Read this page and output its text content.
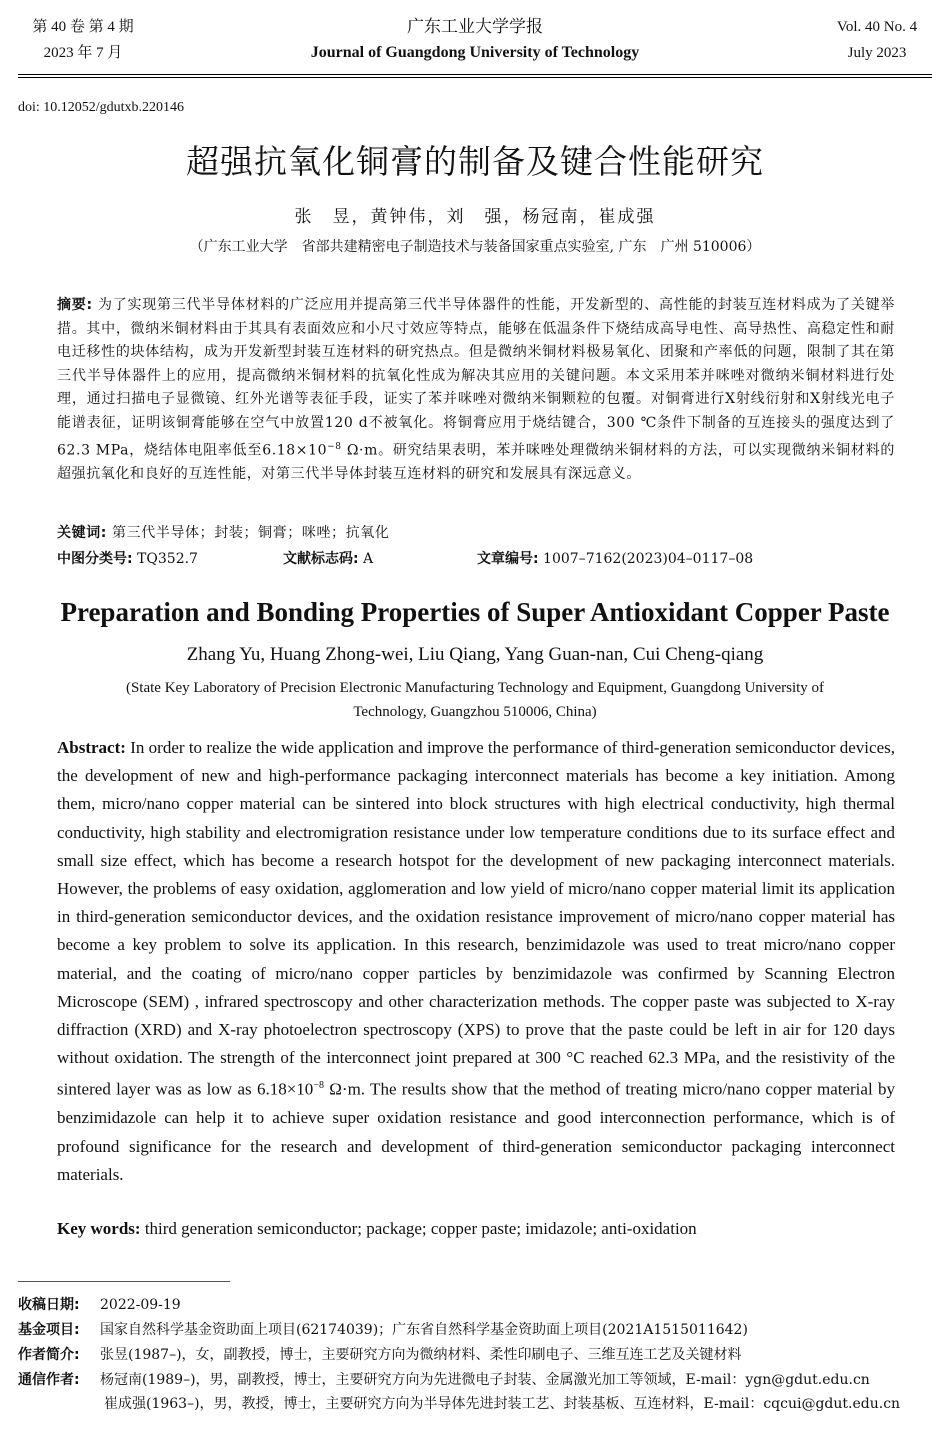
第 40 卷 第 4 期
2023 年 7 月
广东工业大学学报
Journal of Guangdong University of Technology
Vol. 40 No. 4
July 2023
doi: 10.12052/gdutxb.220146
超强抗氧化铜膏的制备及键合性能研究
张　昱，黄钟伟，刘　强，杨冠南，崔成强
（广东工业大学　省部共建精密电子制造技术与装备国家重点实验室, 广东　广州 510006）
摘要: 为了实现第三代半导体材料的广泛应用并提高第三代半导体器件的性能，开发新型的、高性能的封装互连材料成为了关键举措。其中，微纳米铜材料由于其具有表面效应和小尺寸效应等特点，能够在低温条件下烧结成高导电性、高导热性、高稳定性和耐电迁移性的块体结构，成为开发新型封装互连材料的研究热点。但是微纳米铜材料极易氧化、团聚和产率低的问题，限制了其在第三代半导体器件上的应用，提高微纳米铜材料的抗氧化性成为解决其应用的关键问题。本文采用苯并咪唑对微纳米铜材料进行处理，通过扫描电子显微镜、红外光谱等表征手段，证实了苯并咪唑对微纳米铜颗粒的包覆。对铜膏进行X射线衍射和X射线光电子能谱表征，证明该铜膏能够在空气中放置120 d不被氧化。将铜膏应用于烧结键合，300 ℃条件下制备的互连接头的强度达到了62.3 MPa，烧结体电阻率低至$6.18\times 10^{-8}$ Ω·m。研究结果表明，苯并咪唑处理微纳米铜材料的方法，可以实现微纳米铜材料的超强抗氧化和良好的互连性能，对第三代半导体封装互连材料的研究和发展具有深远意义。
关键词: 第三代半导体；封装；铜膏；咪唑；抗氧化
中图分类号: TQ352.7	文献标志码: A	文章编号: 1007–7162(2023)04–0117–08
Preparation and Bonding Properties of Super Antioxidant Copper Paste
Zhang Yu, Huang Zhong-wei, Liu Qiang, Yang Guan-nan, Cui Cheng-qiang
(State Key Laboratory of Precision Electronic Manufacturing Technology and Equipment, Guangdong University of Technology, Guangzhou 510006, China)
Abstract: In order to realize the wide application and improve the performance of third-generation semiconductor devices, the development of new and high-performance packaging interconnect materials has become a key initiation. Among them, micro/nano copper material can be sintered into block structures with high electrical conductivity, high thermal conductivity, high stability and electromigration resistance under low temperature conditions due to its surface effect and small size effect, which has become a research hotspot for the development of new packaging interconnect materials. However, the problems of easy oxidation, agglomeration and low yield of micro/nano copper material limit its application in third-generation semiconductor devices, and the oxidation resistance improvement of micro/nano copper material has become a key problem to solve its application. In this research, benzimidazole was used to treat micro/nano copper material, and the coating of micro/nano copper particles by benzimidazole was confirmed by Scanning Electron Microscope (SEM) , infrared spectroscopy and other characterization methods. The copper paste was subjected to X-ray diffraction (XRD) and X-ray photoelectron spectroscopy (XPS) to prove that the paste could be left in air for 120 days without oxidation. The strength of the interconnect joint prepared at 300 °C reached 62.3 MPa, and the resistivity of the sintered layer was as low as $6.18\times 10^{-8}$ Ω·m. The results show that the method of treating micro/nano copper material by benzimidazole can help it to achieve super oxidation resistance and good interconnection performance, which is of profound significance for the research and development of third-generation semiconductor packaging interconnect materials.
Key words: third generation semiconductor; package; copper paste; imidazole; anti-oxidation
收稿日期: 2022-09-19
基金项目: 国家自然科学基金资助面上项目(62174039)；广东省自然科学基金资助面上项目(2021A1515011642)
作者简介: 张昱(1987–)，女，副教授，博士，主要研究方向为微纳材料、柔性印刷电子、三维互连工艺及关键材料
通信作者: 杨冠南(1989–)，男，副教授，博士，主要研究方向为先进微电子封装、金属激光加工等领域，E-mail：ygn@gdut.edu.cn
崔成强(1963–)，男，教授，博士，主要研究方向为半导体先进封装工艺、封装基板、互连材料，E-mail：cqcui@gdut.edu.cn
